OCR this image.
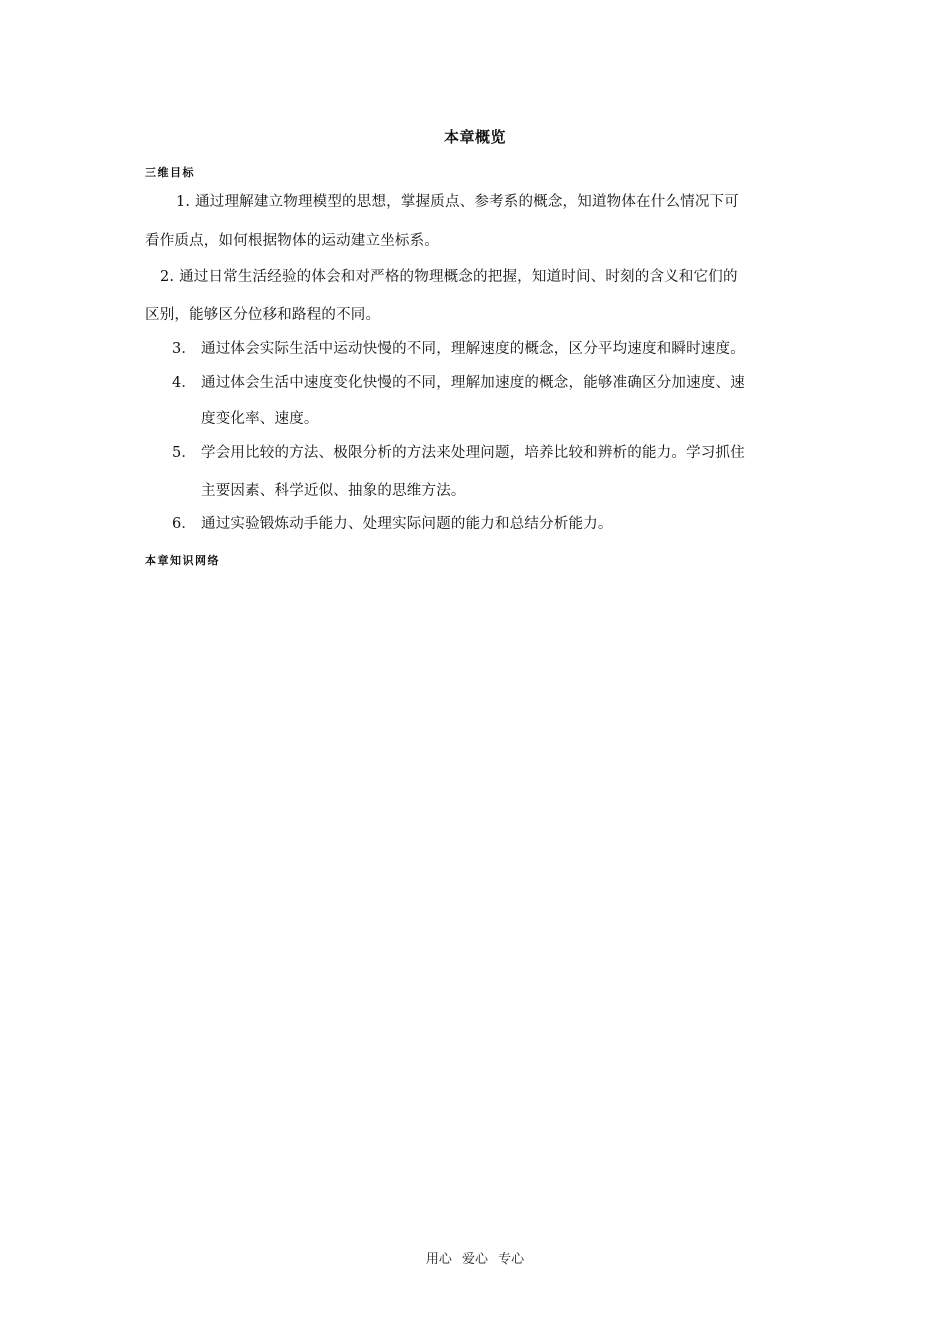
本章概览
三维目标
1. 通过理解建立物理模型的思想，掌握质点、参考系的概念，知道物体在什么情况下可
看作质点，如何根据物体的运动建立坐标系。
2. 通过日常生活经验的体会和对严格的物理概念的把握，知道时间、时刻的含义和它们的
区别，能够区分位移和路程的不同。
3． 通过体会实际生活中运动快慢的不同，理解速度的概念，区分平均速度和瞬时速度。
4． 通过体会生活中速度变化快慢的不同，理解加速度的概念，能够准确区分加速度、速
度变化率、速度。
5． 学会用比较的方法、极限分析的方法来处理问题，培养比较和辨析的能力。学习抓住
主要因素、科学近似、抽象的思维方法。
6． 通过实验锻炼动手能力、处理实际问题的能力和总结分析能力。
本章知识网络
用心 爱心 专心
